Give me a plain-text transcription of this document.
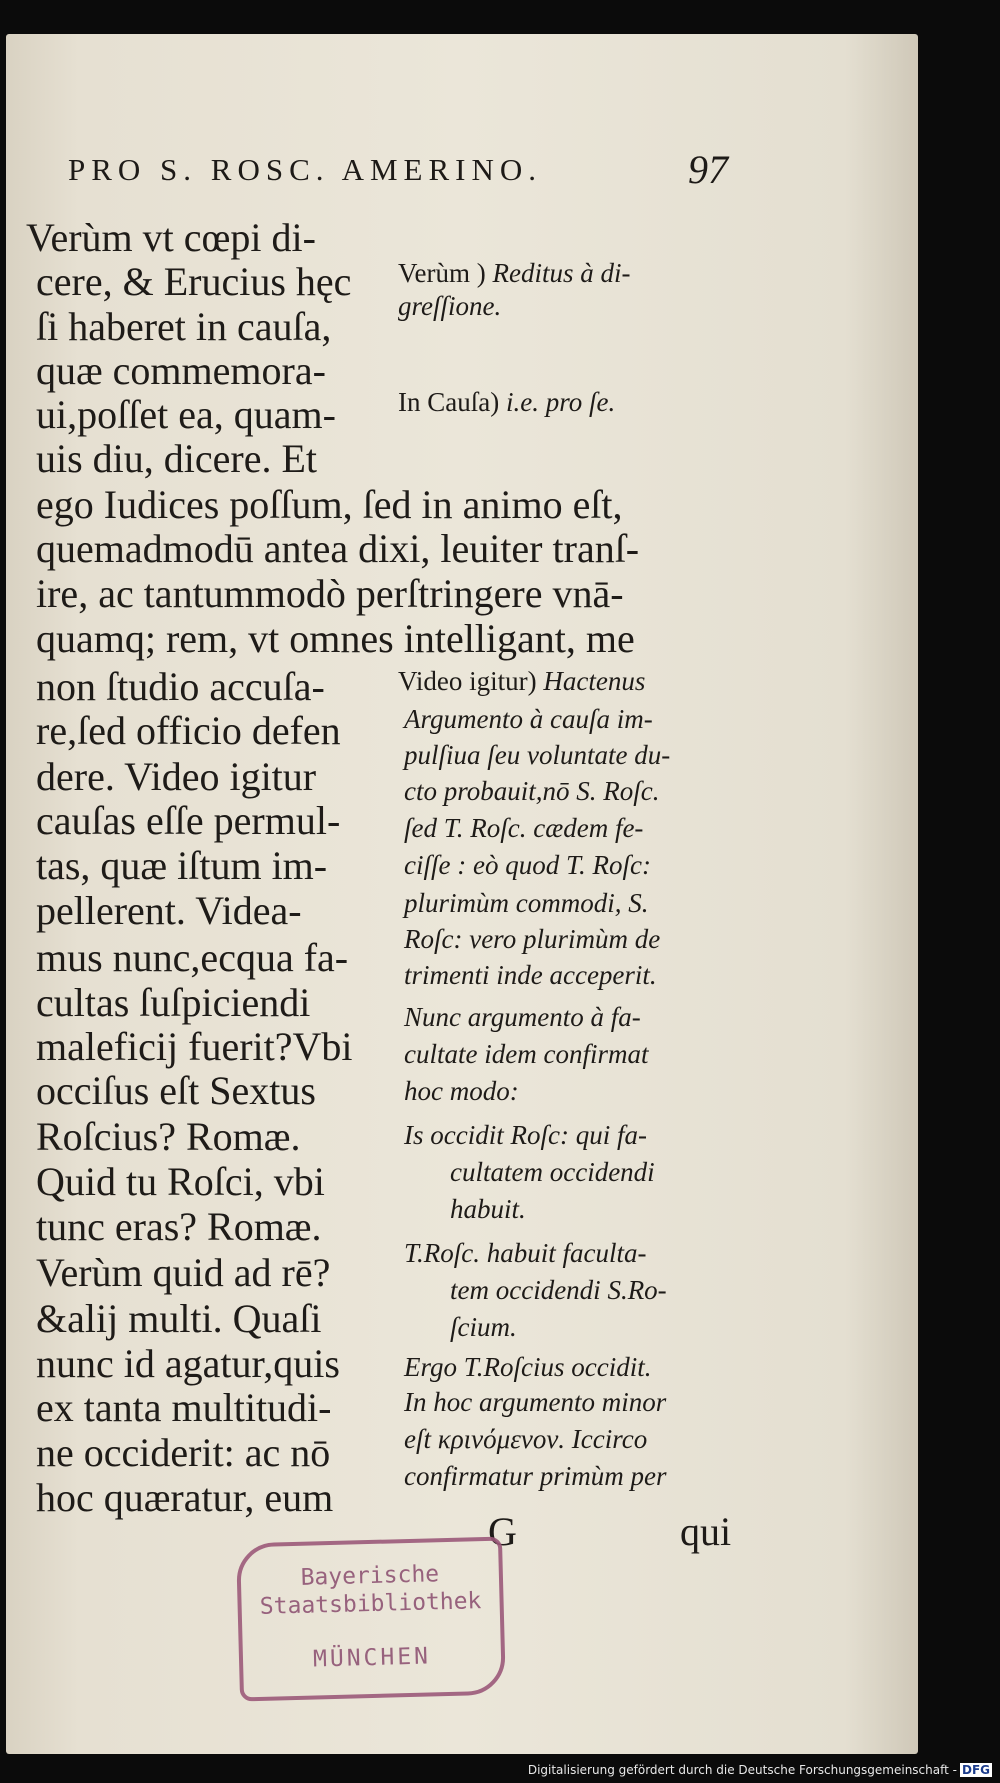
PRO S. ROSC. AMERINO.	97
Verùm vt cœpi di-
cere, & Erucius hęc
ſi haberet in cauſa,
quæ commemora-
ui,poſſet ea, quam-
uis diu, dicere. Et
ego Iudices poſſum, ſed in animo eſt,
quemadmodū antea dixi, leuiter tranſ-
ire, ac tantummodò perſtringere vnā-
quamq; rem, vt omnes intelligant, me
non ſtudio accuſa-
re,ſed officio defen
dere. Video igitur
cauſas eſſe permul-
tas, quæ iſtum im-
pellerent. Videa-
mus nunc,ecqua fa-
cultas ſuſpiciendi
maleficij fuerit?Vbi
occiſus eſt Sextus
Roſcius? Romæ.
Quid tu Roſci, vbi
tunc eras? Romæ.
Verùm quid ad rē?
&alij multi. Quaſi
nunc id agatur,quis
ex tanta multitudi-
ne occiderit: ac nō
hoc quæratur, eum
Verùm ) Reditus à di-
greſſione.
In Cauſa) i.e. pro ſe.
Video igitur) Hactenus
Argumento à cauſa im-
pulſiua ſeu voluntate du-
cto probauit,nō S. Roſc.
ſed T. Roſc. cædem fe-
ciſſe : eò quod T. Roſc:
plurimùm commodi, S.
Roſc: vero plurimùm de
trimenti inde acceperit.
Nunc argumento à fa-
cultate idem confirmat
hoc modo:
Is occidit Roſc: qui fa-
cultatem occidendi
habuit.
T.Roſc. habuit faculta-
tem occidendi S.Ro-
ſcium.
Ergo T.Roſcius occidit.
In hoc argumento minor
eſt κρινόμενον. Iccirco
confirmatur primùm per
G	qui
Bayerische
Staatsbibliothek
MÜNCHEN
Digitalisierung gefördert durch die Deutsche Forschungsgemeinschaft - DFG
